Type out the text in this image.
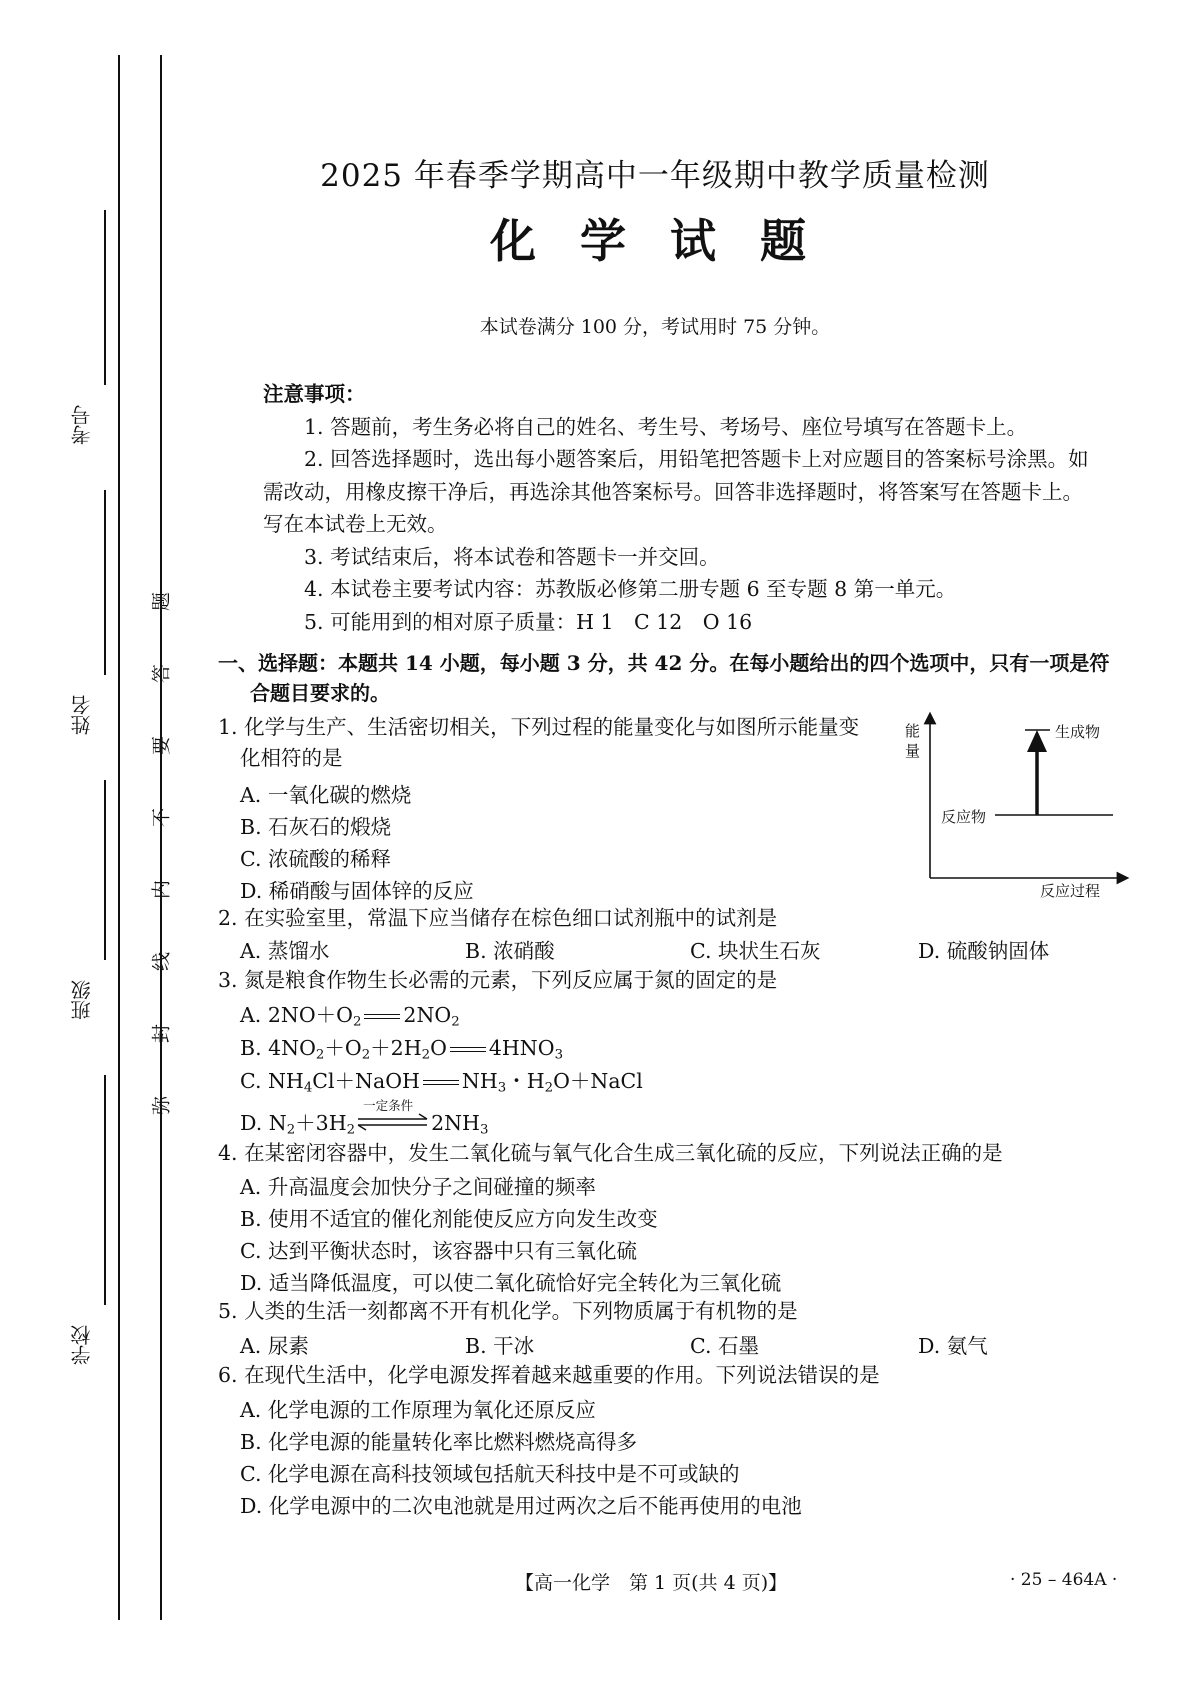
考号
姓名
班级
学校
题
答
要
不
内
线
封
弥
2025 年春季学期高中一年级期中教学质量检测
化 学 试 题
本试卷满分 100 分，考试用时 75 分钟。

注意事项：

1. 答题前，考生务必将自己的姓名、考生号、考场号、座位号填写在答题卡上。

2. 回答选择题时，选出每小题答案后，用铅笔把答题卡上对应题目的答案标号涂黑。如需改动，用橡皮擦干净后，再选涂其他答案标号。回答非选择题时，将答案写在答题卡上。写在本试卷上无效。

3. 考试结束后，将本试卷和答题卡一并交回。

4. 本试卷主要考试内容：苏教版必修第二册专题 6 至专题 8 第一单元。

5. 可能用到的相对原子质量：H 1　C 12　O 16

一、选择题：本题共 14 小题，每小题 3 分，共 42 分。在每小题给出的四个选项中，只有一项是符
合题目要求的。
1. 化学与生产、生活密切相关，下列过程的能量变化与如图所示能量变
化相符的是
A. 一氧化碳的燃烧
B. 石灰石的煅烧
C. 浓硫酸的稀释
D. 稀硝酸与固体锌的反应
能
量
生成物
反应物
反应过程
2. 在实验室里，常温下应当储存在棕色细口试剂瓶中的试剂是
A. 蒸馏水	B. 浓硝酸	C. 块状生石灰	D. 硫酸钠固体
3. 氮是粮食作物生长必需的元素，下列反应属于氮的固定的是
A. $2NO+O_2$ $2NO_2$
B. $4NO_2+O_2+2H_2O$ $4HNO_3$
C. $NH_4Cl+NaOH$ $NH_3$・$H_2O+NaCl$
D. $N_2+3H_2$
一定条件
$2NH_3$
4. 在某密闭容器中，发生二氧化硫与氧气化合生成三氧化硫的反应，下列说法正确的是
A. 升高温度会加快分子之间碰撞的频率
B. 使用不适宜的催化剂能使反应方向发生改变
C. 达到平衡状态时，该容器中只有三氧化硫
D. 适当降低温度，可以使二氧化硫恰好完全转化为三氧化硫
5. 人类的生活一刻都离不开有机化学。下列物质属于有机物的是
A. 尿素	B. 干冰	C. 石墨	D. 氨气
6. 在现代生活中，化学电源发挥着越来越重要的作用。下列说法错误的是
A. 化学电源的工作原理为氧化还原反应
B. 化学电源的能量转化率比燃料燃烧高得多
C. 化学电源在高科技领域包括航天科技中是不可或缺的
D. 化学电源中的二次电池就是用过两次之后不能再使用的电池
【高一化学　第 1 页(共 4 页)】	· 25 – 464A ·
